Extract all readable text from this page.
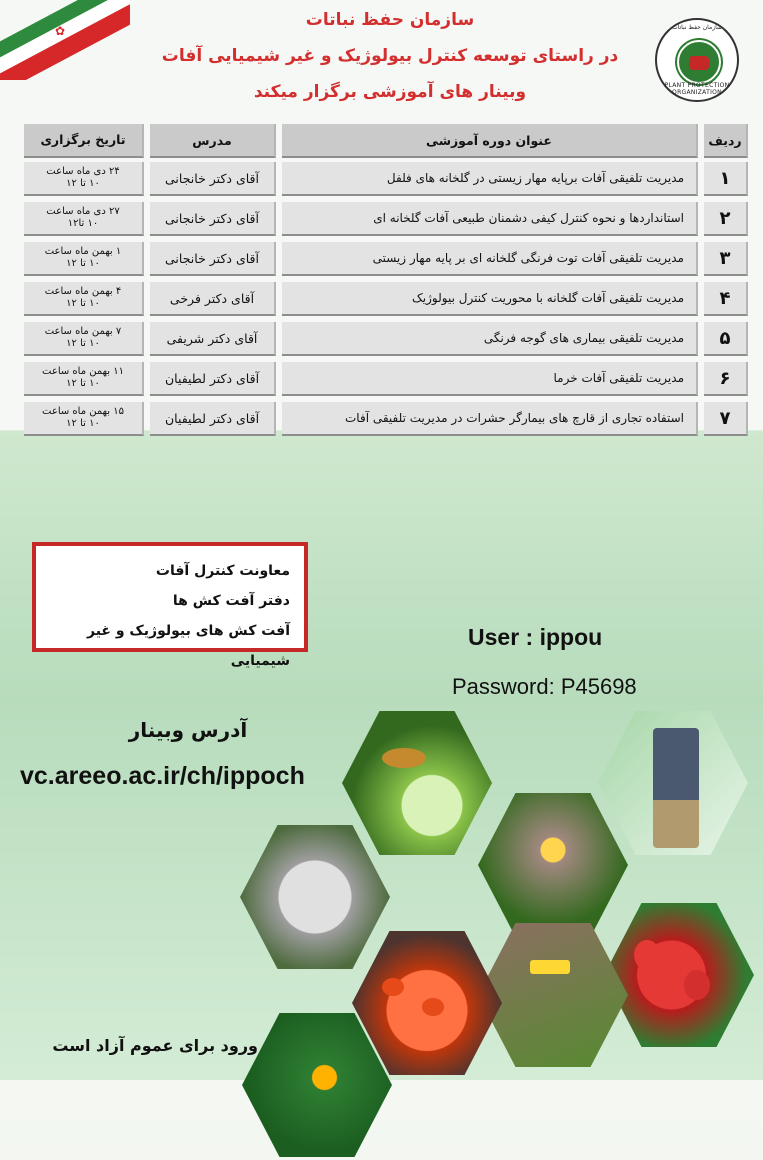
✿	سازمان حفظ نباتات
PLANT PROTECTION ORGANIZATION
سازمان حفظ نباتات
در راستای توسعه کنترل بیولوژیک و غیر شیمیایی آفات
وبینار های آموزشی برگزار میکند
ردیف
عنوان دوره آموزشی
مدرس
تاریخ برگزاری
۱
مدیریت تلفیقی آفات برپایه مهار زیستی در گلخانه های فلفل
آقای دکتر خانجانی
۲۴ دی ماه ساعت
۱۰ تا ۱۲
۲
استانداردها و نحوه کنترل کیفی دشمنان طبیعی آفات گلخانه ای
آقای دکتر خانجانی
۲۷ دی ماه ساعت
۱۰ تا۱۲
۳
مدیریت تلفیقی آفات توت فرنگی گلخانه ای بر پایه مهار زیستی
آقای دکتر خانجانی
۱ بهمن ماه ساعت
۱۰ تا ۱۲
۴
مدیریت تلفیقی آفات گلخانه با محوریت کنترل بیولوژیک
آقای دکتر فرخی
۴ بهمن ماه ساعت
۱۰ تا ۱۲
۵
مدیریت تلفیقی بیماری های گوجه فرنگی
آقای دکتر شریفی
۷ بهمن ماه ساعت
۱۰ تا ۱۲
۶
مدیریت تلفیقی آفات خرما
آقای دکتر لطیفیان
۱۱ بهمن ماه ساعت
۱۰ تا ۱۲
۷
استفاده تجاری از قارچ های بیمارگر حشرات در مدیریت تلفیقی آفات
آقای دکتر لطیفیان
۱۵ بهمن ماه ساعت
۱۰ تا ۱۲
معاونت کنترل آفات
دفتر آفت کش ها
آفت کش های بیولوژیک و غیر شیمیایی
User : ippou
Password: P45698
آدرس وبینار
vc.areeo.ac.ir/ch/ippoch
ورود برای عموم آزاد است
